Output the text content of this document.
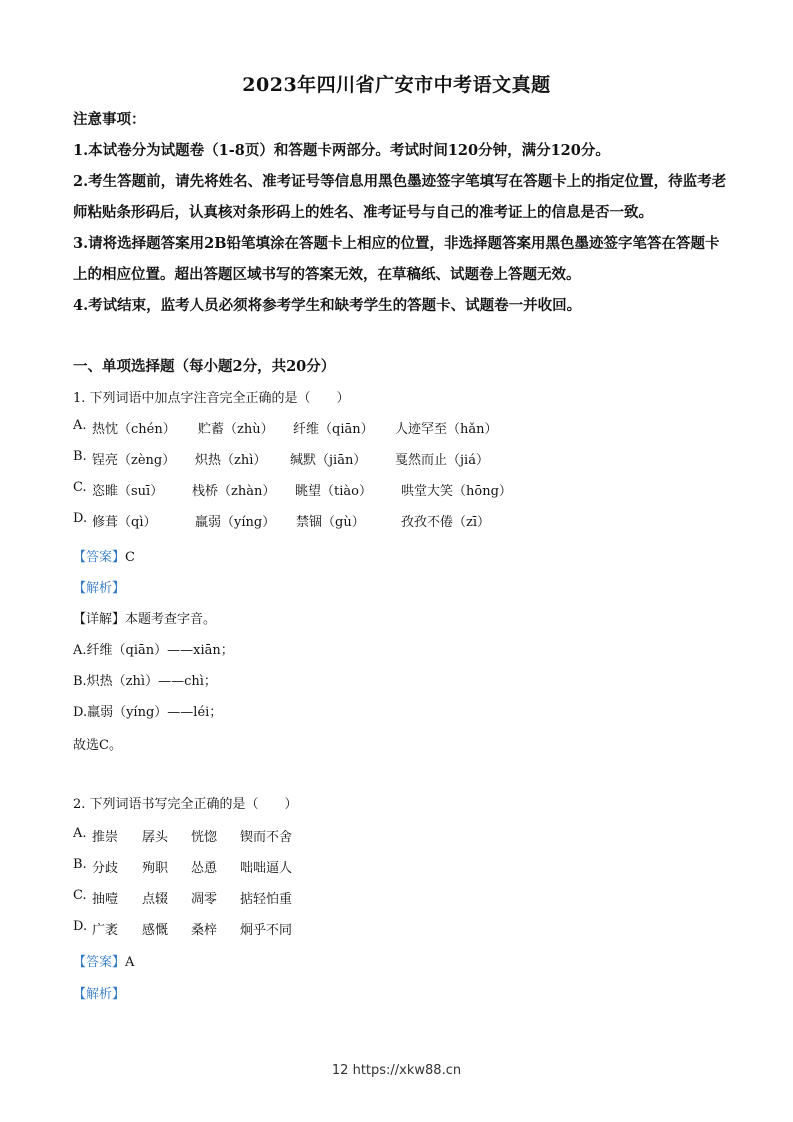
2023年四川省广安市中考语文真题

注意事项：

1.本试卷分为试题卷（1-8页）和答题卡两部分。考试时间120分钟，满分120分。

2.考生答题前，请先将姓名、准考证号等信息用黑色墨迹签字笔填写在答题卡上的指定位置，待监考老师粘贴条形码后，认真核对条形码上的姓名、准考证号与自己的准考证上的信息是否一致。

3.请将选择题答案用2B铅笔填涂在答题卡上相应的位置，非选择题答案用黑色墨迹签字笔答在答题卡上的相应位置。超出答题区域书写的答案无效，在草稿纸、试题卷上答题无效。

4.考试结束，监考人员必须将参考学生和缺考学生的答题卡、试题卷一并收回。

一、单项选择题（每小题2分，共20分）
1. 下列词语中加点字注音完全正确的是（　　）
A. 热忱（chén） 贮蓄（zhù） 纤维（qiān） 人迹罕至（hǎn）
B. 锃亮（zèng） 炽热（zhì） 缄默（jiān） 戛然而止（jiá）
C. 恣睢（suī） 栈桥（zhàn） 眺望（tiào） 哄堂大笑（hōng）
D. 修葺（qì）	羸弱（yíng） 禁锢（gù）	孜孜不倦（zī）
【答案】C
【解析】
【详解】本题考查字音。
A.纤维（qiān）——xiān；
B.炽热（zhì）——chì；
D.羸弱（yíng）——léi；
故选C。
2. 下列词语书写完全正确的是（　　）
A. 推崇 孱头 恍惚 锲而不舍
B. 分歧 殉职 怂恿 咄咄逼人
C. 抽噎 点辍 凋零 掂轻怕重
D. 广袤 感慨 桑梓 炯乎不同
【答案】A
【解析】
12 https://xkw88.cn
